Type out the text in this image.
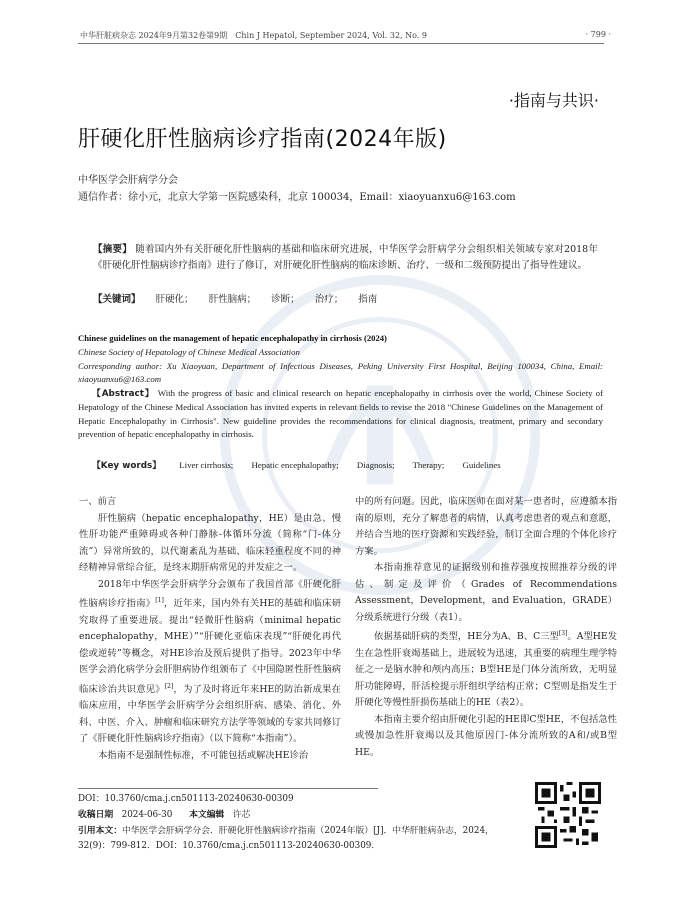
中华肝脏病杂志 2024年9月第32卷第9期　Chin J Hepatol, September 2024, Vol. 32, No. 9	· 799 ·
·指南与共识·
肝硬化肝性脑病诊疗指南(2024年版)
中华医学会肝病学分会
通信作者：徐小元，北京大学第一医院感染科，北京 100034，Email：xiaoyuanxu6@163.com
【摘要】 随着国内外有关肝硬化肝性脑病的基础和临床研究进展，中华医学会肝病学分会组织相关领域专家对2018年《肝硬化肝性脑病诊疗指南》进行了修订，对肝硬化肝性脑病的临床诊断、治疗、一级和二级预防提出了指导性建议。
【关键词】 肝硬化； 肝性脑病； 诊断； 治疗； 指南
Chinese guidelines on the management of hepatic encephalopathy in cirrhosis (2024)
Chinese Society of Hepatology of Chinese Medical Association
Corresponding author: Xu Xiaoyuan, Department of Infectious Diseases, Peking University First Hospital, Beijing 100034, China, Email: xiaoyuanxu6@163.com
【Abstract】 With the progress of basic and clinical research on hepatic encephalopathy in cirrhosis over the world, Chinese Society of Hepatology of the Chinese Medical Association has invited experts in relevant fields to revise the 2018 "Chinese Guidelines on the Management of Hepatic Encephalopathy in Cirrhosis". New guideline provides the recommendations for clinical diagnosis, treatment, primary and secondary prevention of hepatic encephalopathy in cirrhosis.
【Key words】 Liver cirrhosis; Hepatic encephalopathy; Diagnosis; Therapy; Guidelines

一、前言

肝性脑病（hepatic encephalopathy，HE）是由急、慢性肝功能严重障碍或各种门静脉-体循环分流（简称“门-体分流”）异常所致的，以代谢紊乱为基础、临床轻重程度不同的神经精神异常综合征，是终末期肝病常见的并发症之一。

2018年中华医学会肝病学分会颁布了我国首部《肝硬化肝性脑病诊疗指南》[1]，近年来，国内外有关HE的基础和临床研究取得了重要进展。提出“轻微肝性脑病（minimal hepatic encephalopathy，MHE）”“肝硬化亚临床表现”“肝硬化再代偿或逆转”等概念，对HE诊治及预后提供了指导。2023年中华医学会消化病学分会肝胆病协作组颁布了《中国隐匿性肝性脑病临床诊治共识意见》[2]，为了及时将近年来HE的防治新成果在临床应用，中华医学会肝病学分会组织肝病、感染、消化、外科、中医、介入、肿瘤和临床研究方法学等领域的专家共同修订了《肝硬化肝性脑病诊疗指南》（以下简称“本指南”）。

本指南不是强制性标准，不可能包括或解决HE诊治

中的所有问题。因此，临床医师在面对某一患者时，应遵循本指南的原则，充分了解患者的病情，认真考虑患者的观点和意愿，并结合当地的医疗资源和实践经验，制订全面合理的个体化诊疗方案。

本指南推荐意见的证据级别和推荐强度按照推荐分级的评估、制定及评价（Grades of Recommendations Assessment，Development，and Evaluation，GRADE）分级系统进行分级（表1）。

依据基础肝病的类型，HE分为A、B、C三型[3]。A型HE发生在急性肝衰竭基础上，进展较为迅速，其重要的病理生理学特征之一是脑水肿和颅内高压；B型HE是门体分流所致，无明显肝功能障碍，肝活检提示肝组织学结构正常；C型则是指发生于肝硬化等慢性肝损伤基础上的HE（表2）。

本指南主要介绍由肝硬化引起的HE即C型HE，不包括急性或慢加急性肝衰竭以及其他原因门-体分流所致的A和/或B型HE。

DOI：10.3760/cma.j.cn501113-20240630-00309
收稿日期 2024-06-30 本文编辑 许芯
引用本文：中华医学会肝病学分会．肝硬化肝性脑病诊疗指南（2024年版）[J]．中华肝脏病杂志，2024，32(9)：799-812．DOI：10.3760/cma.j.cn501113-20240630-00309．
